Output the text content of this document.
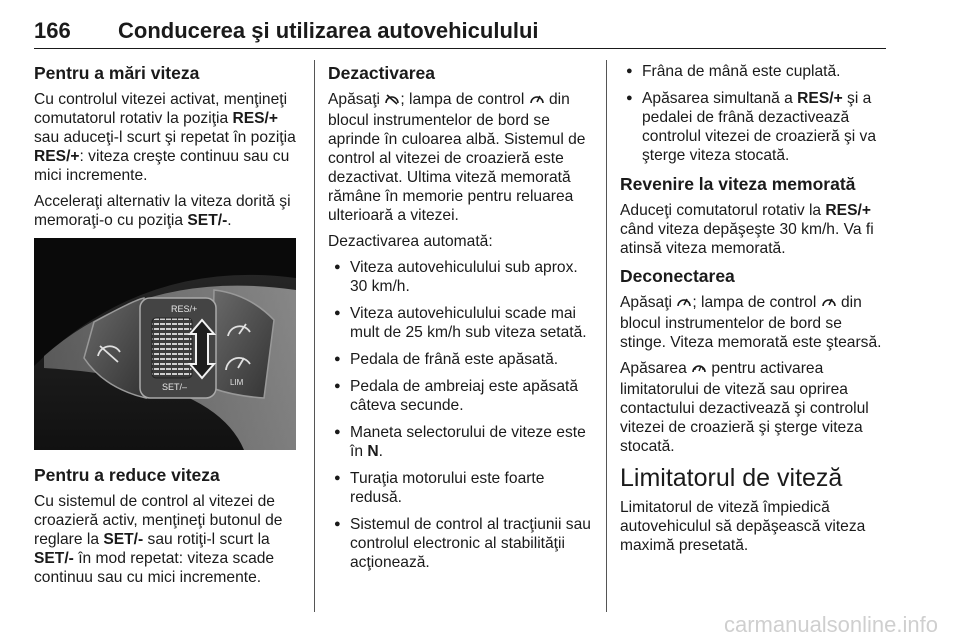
166 Conducerea şi utilizarea autovehiculului
Pentru a mări viteza

Cu controlul vitezei activat, menţineţi comutatorul rotativ la poziţia RES/+ sau aduceţi-l scurt şi repetat în poziţia RES/+: viteza creşte continuu sau cu mici incremente.

Acceleraţi alternativ la viteza dorită şi memoraţi-o cu poziţia SET/-.

RES/+
SET/–	LIM
Pentru a reduce viteza

Cu sistemul de control al vitezei de croazieră activ, menţineţi butonul de reglare la SET/- sau rotiţi-l scurt la SET/- în mod repetat: viteza scade continuu sau cu mici incremente.

Dezactivarea

Apăsaţi ; lampa de control  din blocul instrumentelor de bord se aprinde în culoarea albă. Sistemul de control al vitezei de croazieră este dezactivat. Ultima viteză memorată rămâne în memorie pentru reluarea ulterioară a vitezei.

Dezactivarea automată:

● Viteza autovehiculului sub aprox. 30 km/h.
● Viteza autovehiculului scade mai mult de 25 km/h sub viteza setată.
● Pedala de frână este apăsată.
● Pedala de ambreiaj este apăsată câteva secunde.
● Maneta selectorului de viteze este în N.
● Turaţia motorului este foarte redusă.
● Sistemul de control al tracţiunii sau controlul electronic al stabilităţii acţionează.
● Frâna de mână este cuplată.
● Apăsarea simultană a RES/+ şi a pedalei de frână dezactivează controlul vitezei de croazieră şi va şterge viteza stocată.
Revenire la viteza memorată

Aduceţi comutatorul rotativ la RES/+ când viteza depăşeşte 30 km/h. Va fi atinsă viteza memorată.

Deconectarea

Apăsaţi ; lampa de control  din blocul instrumentelor de bord se stinge. Viteza memorată este ştearsă.

Apăsarea  pentru activarea limitatorului de viteză sau oprirea contactului dezactivează şi controlul vitezei de croazieră şi şterge viteza stocată.

Limitatorul de viteză

Limitatorul de viteză împiedică autovehiculul să depăşească viteza maximă presetată.

carmanualsonline.info
